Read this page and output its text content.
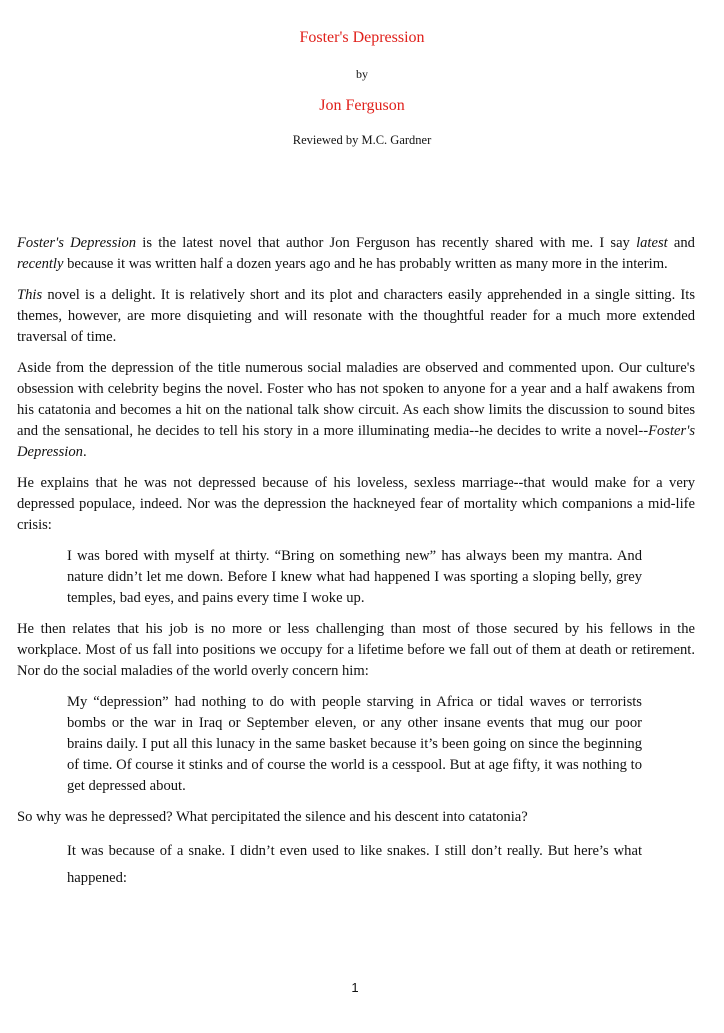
Foster's Depression
by
Jon Ferguson
Reviewed by M.C. Gardner

Foster's Depression is the latest novel that author Jon Ferguson has recently shared with me. I say latest and recently because it was written half a dozen years ago and he has probably written as many more in the interim.

This novel is a delight. It is relatively short and its plot and characters easily apprehended in a single sitting. Its themes, however, are more disquieting and will resonate with the thoughtful reader for a much more extended traversal of time.

Aside from the depression of the title numerous social maladies are observed and commented upon. Our culture's obsession with celebrity begins the novel. Foster who has not spoken to anyone for a year and a half awakens from his catatonia and becomes a hit on the national talk show circuit. As each show limits the discussion to sound bites and the sensational, he decides to tell his story in a more illuminating media--he decides to write a novel--Foster's Depression.

He explains that he was not depressed because of his loveless, sexless marriage--that would make for a very depressed populace, indeed. Nor was the depression the hackneyed fear of mortality which companions a mid-life crisis:

I was bored with myself at thirty. “Bring on something new” has always been my mantra. And nature didn’t let me down. Before I knew what had happened I was sporting a sloping belly, grey temples, bad eyes, and pains every time I woke up.

He then relates that his job is no more or less challenging than most of those secured by his fellows in the workplace. Most of us fall into positions we occupy for a lifetime before we fall out of them at death or retirement. Nor do the social maladies of the world overly concern him:

My “depression” had nothing to do with people starving in Africa or tidal waves or terrorists bombs or the war in Iraq or September eleven, or any other insane events that mug our poor brains daily. I put all this lunacy in the same basket because it’s been going on since the beginning of time. Of course it stinks and of course the world is a cesspool. But at age fifty, it was nothing to get depressed about.

So why was he depressed? What percipitated the silence and his descent into catatonia?

It was because of a snake. I didn’t even used to like snakes. I still don’t really. But here’s what happened:
1
